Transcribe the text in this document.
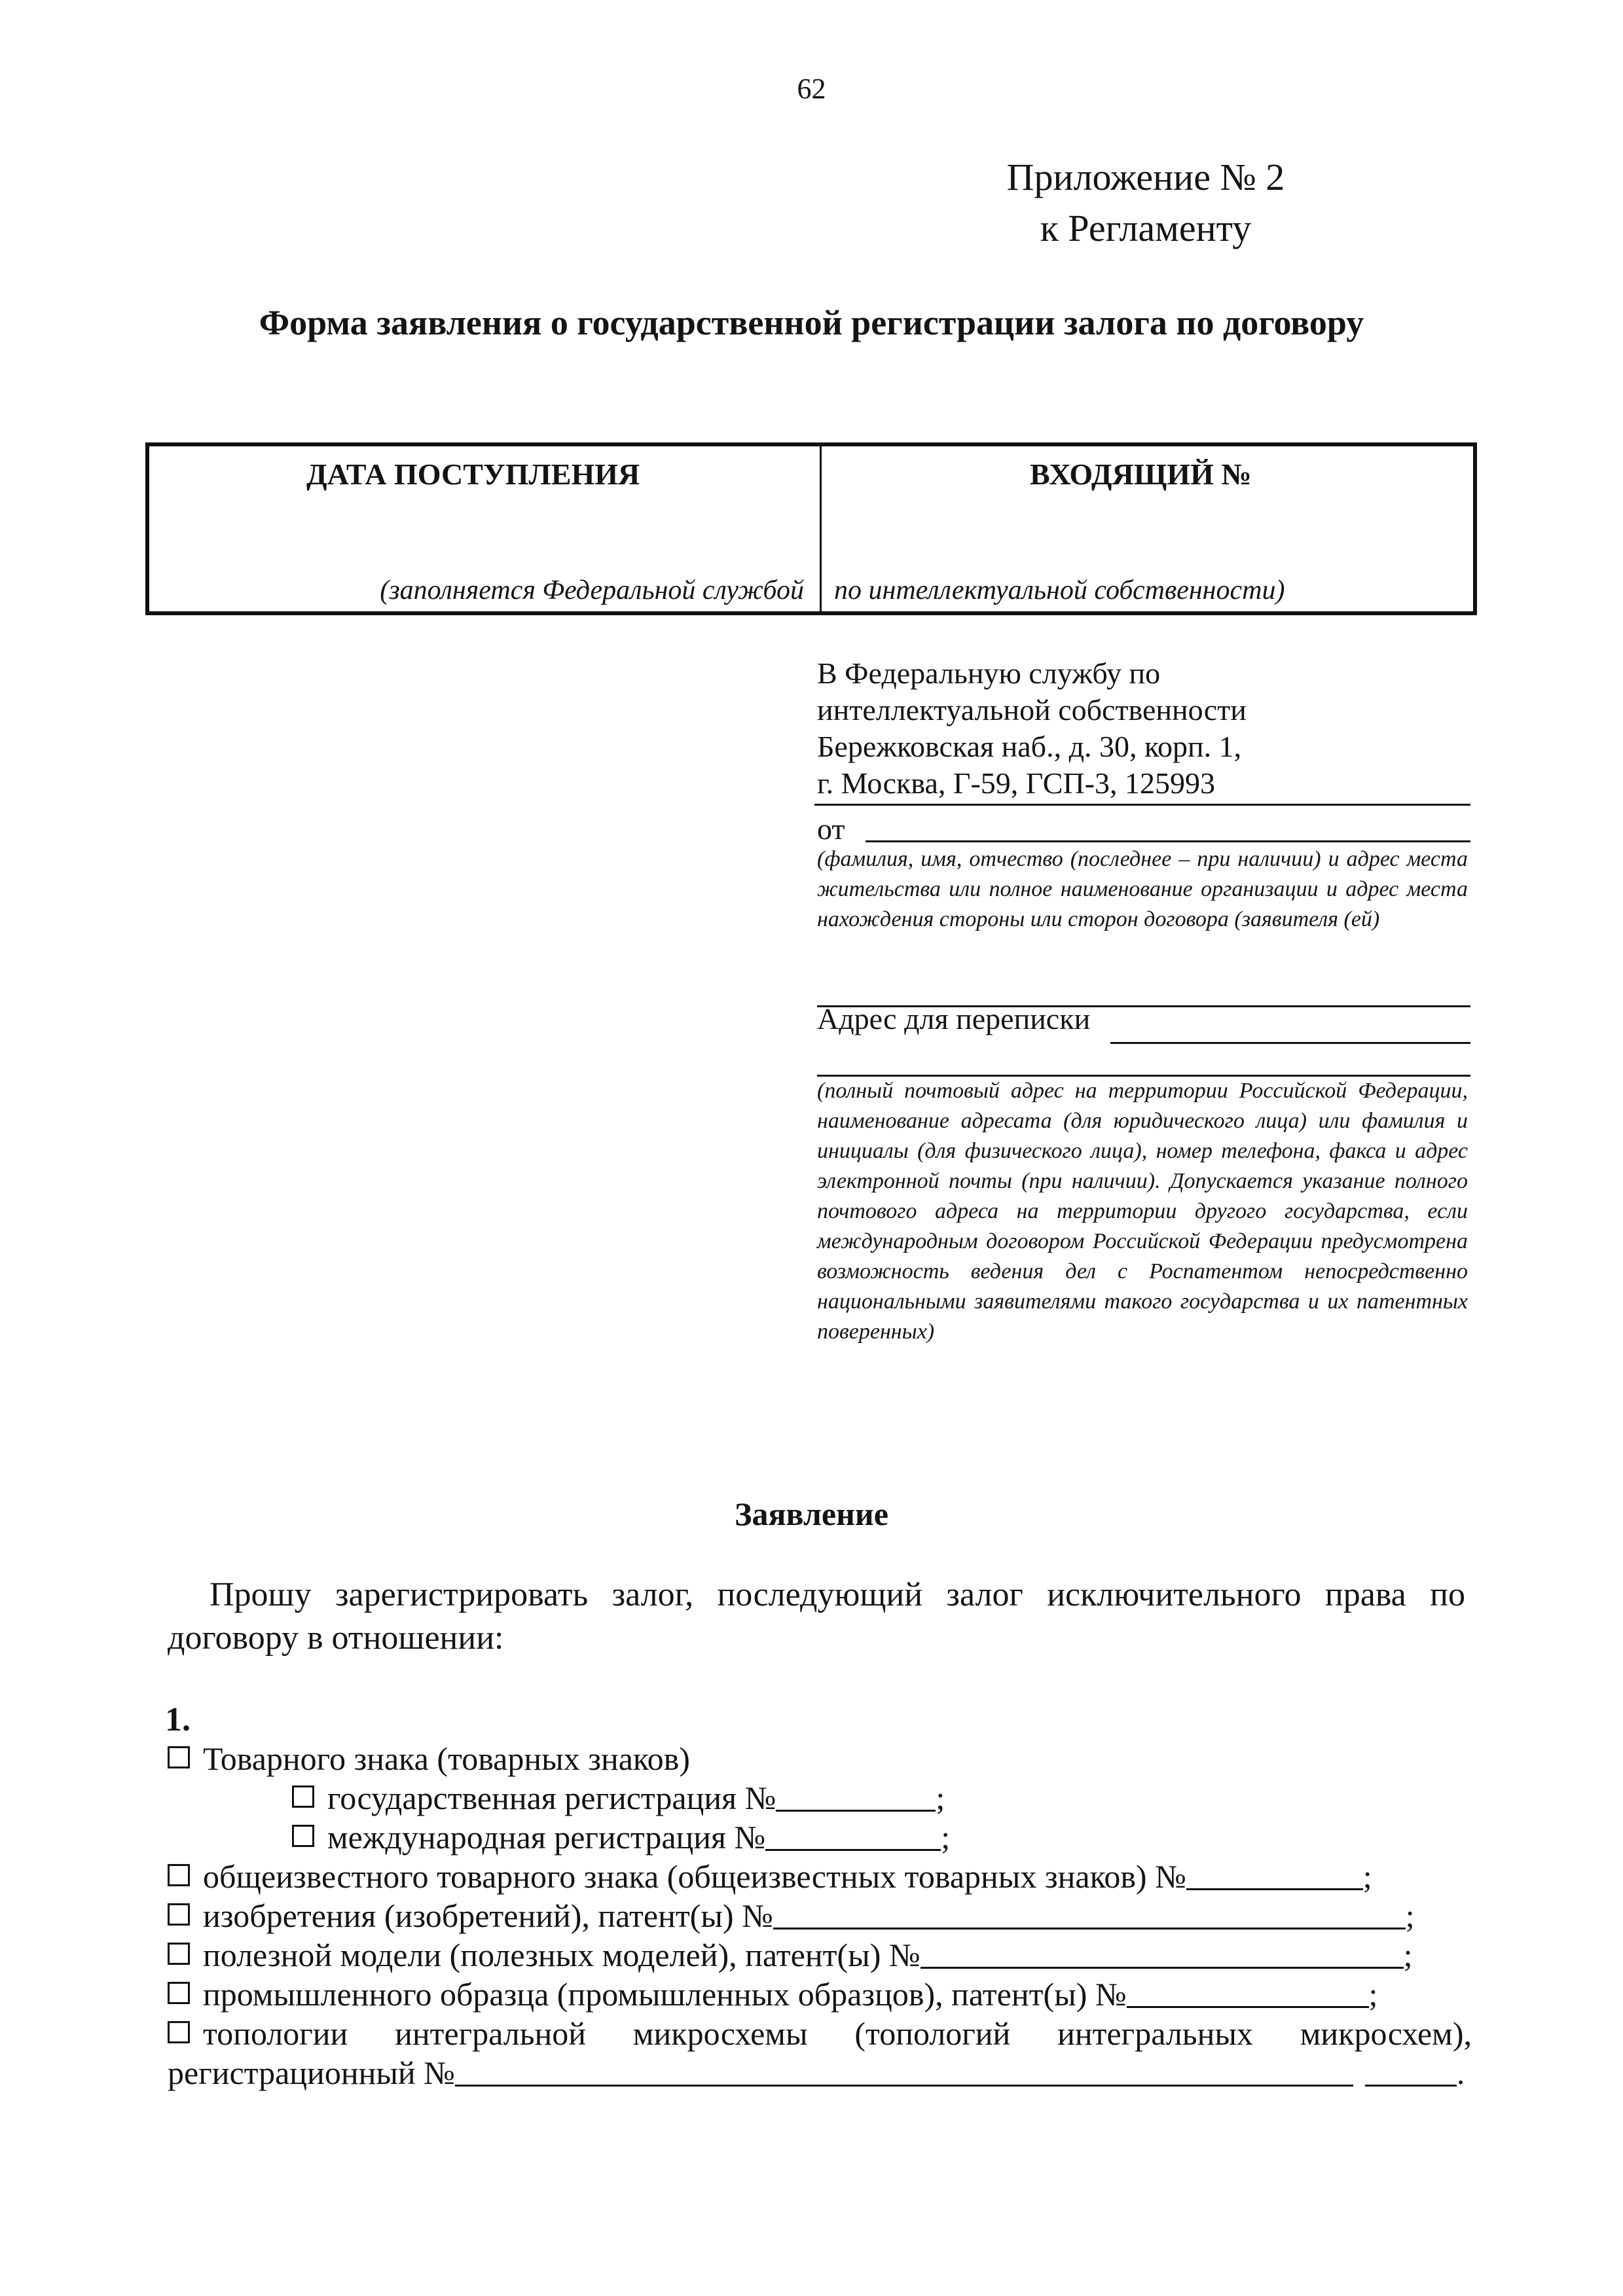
62
Приложение № 2
к Регламенту
Форма заявления о государственной регистрации залога по договору
ДАТА ПОСТУПЛЕНИЯ	ВХОДЯЩИЙ №
(заполняется Федеральной службой по интеллектуальной собственности)
В Федеральную службу по
интеллектуальной собственности
Бережковская наб., д. 30, корп. 1,
г. Москва, Г-59, ГСП-3, 125993
от
(фамилия, имя, отчество (последнее – при наличии) и адрес места жительства или полное наименование организации и адрес места нахождения стороны или сторон договора (заявителя (ей)
Адрес для переписки
(полный почтовый адрес на территории Российской Федерации, наименование адресата (для юридического лица) или фамилия и инициалы (для физического лица), номер телефона, факса и адрес электронной почты (при наличии). Допускается указание полного почтового адреса на территории другого государства, если международным договором Российской Федерации предусмотрена возможность ведения дел с Роспатентом непосредственно национальными заявителями такого государства и их патентных поверенных)
Заявление
Прошу зарегистрировать залог, последующий залог исключительного права по договору в отношении:
1.
Товарного знака (товарных знаков)
государственная регистрация №	;
международная регистрация №	;
общеизвестного товарного знака (общеизвестных товарных знаков) №	;
изобретения (изобретений), патент(ы) №	;
полезной модели (полезных моделей), патент(ы) №	;
промышленного образца (промышленных образцов), патент(ы) №	;
топологии интегральной микросхемы (топологий интегральных микросхем),
регистрационный №	.
